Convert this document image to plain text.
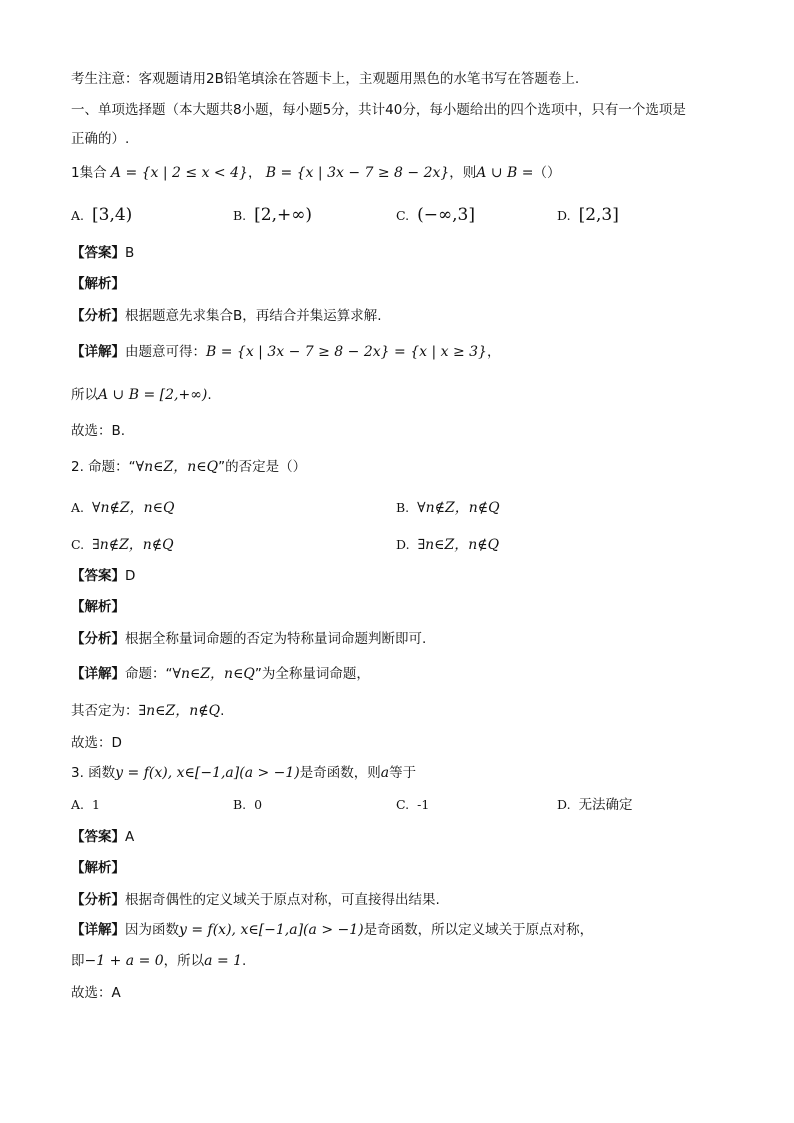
考生注意：客观题请用2B铅笔填涂在答题卡上，主观题用黑色的水笔书写在答题卷上.
一、单项选择题（本大题共8小题，每小题5分，共计40分，每小题给出的四个选项中，只有一个选项是
正确的）.
1集合 A = {x | 2 ≤ x < 4}， B = {x | 3x − 7 ≥ 8 − 2x}，则A ∪ B =（）
A. [3,4)	B. [2,+∞)	C. (−∞,3]	D. [2,3]
【答案】B
【解析】
【分析】根据题意先求集合B，再结合并集运算求解.
【详解】由题意可得：B = {x | 3x − 7 ≥ 8 − 2x} = {x | x ≥ 3}，
所以A ∪ B = [2,+∞).
故选：B.
2. 命题：“∀n∈Z，n∈Q”的否定是（）
A. ∀n∉Z，n∈Q	B. ∀n∉Z，n∉Q
C. ∃n∉Z，n∉Q	D. ∃n∈Z，n∉Q
【答案】D
【解析】
【分析】根据全称量词命题的否定为特称量词命题判断即可.
【详解】命题：“∀n∈Z，n∈Q”为全称量词命题，
其否定为：∃n∈Z，n∉Q.
故选：D
3. 函数y = f(x), x∈[−1,a](a > −1)是奇函数，则a等于
A. 1	B. 0	C. -1	D. 无法确定
【答案】A
【解析】
【分析】根据奇偶性的定义域关于原点对称，可直接得出结果.
【详解】因为函数y = f(x), x∈[−1,a](a > −1)是奇函数，所以定义域关于原点对称，
即−1 + a = 0，所以a = 1.
故选：A
